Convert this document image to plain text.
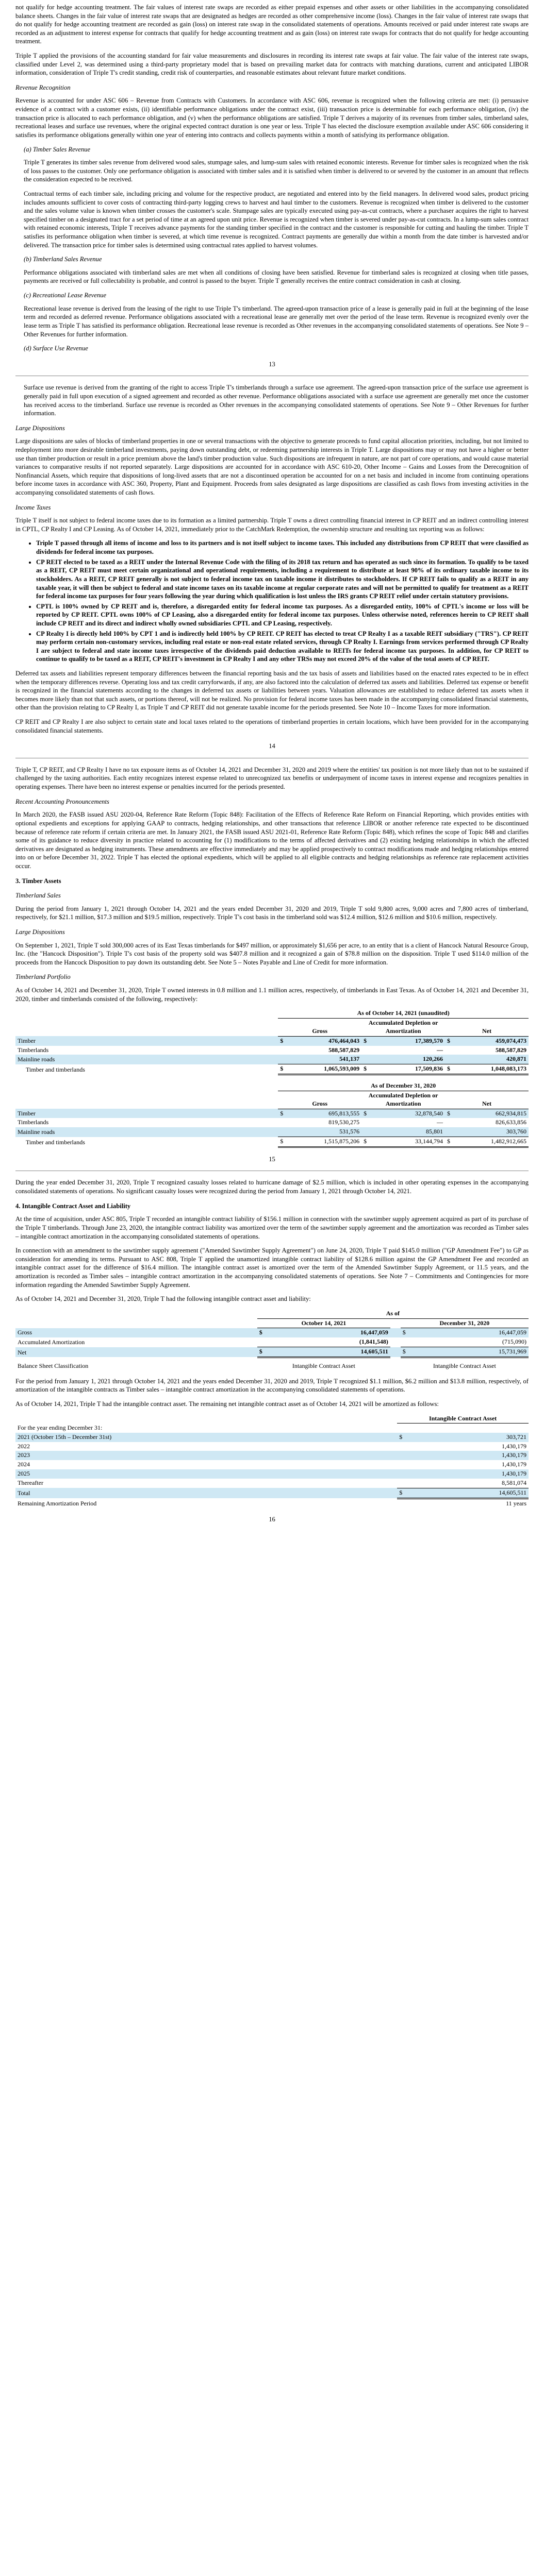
not qualify for hedge accounting treatment. The fair values of interest rate swaps are recorded as either prepaid expenses and other assets or other liabilities in the accompanying consolidated balance sheets. Changes in the fair value of interest rate swaps that are designated as hedges are recorded as other comprehensive income (loss). Changes in the fair value of interest rate swaps that do not qualify for hedge accounting treatment are recorded as gain (loss) on interest rate swap in the consolidated statements of operations. Amounts received or paid under interest rate swaps are recorded as an adjustment to interest expense for contracts that qualify for hedge accounting treatment and as gain (loss) on interest rate swaps for contracts that do not qualify for hedge accounting treatment.

Triple T applied the provisions of the accounting standard for fair value measurements and disclosures in recording its interest rate swaps at fair value. The fair value of the interest rate swaps, classified under Level 2, was determined using a third-party proprietary model that is based on prevailing market data for contracts with matching durations, current and anticipated LIBOR information, consideration of Triple T's credit standing, credit risk of counterparties, and reasonable estimates about relevant future market conditions.

Revenue Recognition

Revenue is accounted for under ASC 606 – Revenue from Contracts with Customers. In accordance with ASC 606, revenue is recognized when the following criteria are met: (i) persuasive evidence of a contract with a customer exists, (ii) identifiable performance obligations under the contract exist, (iii) transaction price is determinable for each performance obligation, (iv) the transaction price is allocated to each performance obligation, and (v) when the performance obligations are satisfied. Triple T derives a majority of its revenues from timber sales, timberland sales, recreational leases and surface use revenues, where the original expected contract duration is one year or less. Triple T has elected the disclosure exemption available under ASC 606 considering it satisfies its performance obligations generally within one year of entering into contracts and collects payments within a month of satisfying its performance obligation.

(a) Timber Sales Revenue

Triple T generates its timber sales revenue from delivered wood sales, stumpage sales, and lump-sum sales with retained economic interests. Revenue for timber sales is recognized when the risk of loss passes to the customer. Only one performance obligation is associated with timber sales and it is satisfied when timber is delivered to or severed by the customer in an amount that reflects the consideration expected to be received.

Contractual terms of each timber sale, including pricing and volume for the respective product, are negotiated and entered into by the field managers. In delivered wood sales, product pricing includes amounts sufficient to cover costs of contracting third-party logging crews to harvest and haul timber to the customers. Revenue is recognized when timber is delivered to the customer and the sales volume value is known when timber crosses the customer's scale. Stumpage sales are typically executed using pay-as-cut contracts, where a purchaser acquires the right to harvest specified timber on a designated tract for a set period of time at an agreed upon unit price. Revenue is recognized when timber is severed under pay-as-cut contracts. In a lump-sum sales contract with retained economic interests, Triple T receives advance payments for the standing timber specified in the contract and the customer is responsible for cutting and hauling the timber. Triple T satisfies its performance obligation when timber is severed, at which time revenue is recognized. Contract payments are generally due within a month from the date timber is harvested and/or delivered. The transaction price for timber sales is determined using contractual rates applied to harvest volumes.

(b) Timberland Sales Revenue

Performance obligations associated with timberland sales are met when all conditions of closing have been satisfied. Revenue for timberland sales is recognized at closing when title passes, payments are received or full collectability is probable, and control is passed to the buyer. Triple T generally receives the entire contract consideration in cash at closing.

(c) Recreational Lease Revenue

Recreational lease revenue is derived from the leasing of the right to use Triple T's timberland. The agreed-upon transaction price of a lease is generally paid in full at the beginning of the lease term and recorded as deferred revenue. Performance obligations associated with a recreational lease are generally met over the period of the lease term. Revenue is recognized evenly over the lease term as Triple T has satisfied its performance obligation. Recreational lease revenue is recorded as Other revenues in the accompanying consolidated statements of operations. See Note 9 – Other Revenues for further information.

(d) Surface Use Revenue
13

Surface use revenue is derived from the granting of the right to access Triple T's timberlands through a surface use agreement. The agreed-upon transaction price of the surface use agreement is generally paid in full upon execution of a signed agreement and recorded as other revenue. Performance obligations associated with a surface use agreement are generally met once the customer has received access to the timberland. Surface use revenue is recorded as Other revenues in the accompanying consolidated statements of operations. See Note 9 – Other Revenues for further information.

Large Dispositions

Large dispositions are sales of blocks of timberland properties in one or several transactions with the objective to generate proceeds to fund capital allocation priorities, including, but not limited to redeployment into more desirable timberland investments, paying down outstanding debt, or redeeming partnership interests in Triple T. Large dispositions may or may not have a higher or better use than timber production or result in a price premium above the land's timber production value. Such dispositions are infrequent in nature, are not part of core operations, and would cause material variances to comparative results if not reported separately. Large dispositions are accounted for in accordance with ASC 610-20, Other Income – Gains and Losses from the Derecognition of Nonfinancial Assets, which require that dispositions of long-lived assets that are not a discontinued operation be accounted for on a net basis and included in income from continuing operations before income taxes in accordance with ASC 360, Property, Plant and Equipment. Proceeds from sales designated as large dispositions are classified as cash flows from investing activities in the accompanying consolidated statements of cash flows.

Income Taxes

Triple T itself is not subject to federal income taxes due to its formation as a limited partnership. Triple T owns a direct controlling financial interest in CP REIT and an indirect controlling interest in CPTL, CP Realty I and CP Leasing. As of October 14, 2021, immediately prior to the CatchMark Redemption, the ownership structure and resulting tax reporting was as follows:

• Triple T passed through all items of income and loss to its partners and is not itself subject to income taxes. This included any distributions from CP REIT that were classified as dividends for federal income tax purposes.
• CP REIT elected to be taxed as a REIT under the Internal Revenue Code with the filing of its 2018 tax return and has operated as such since its formation. To qualify to be taxed as a REIT, CP REIT must meet certain organizational and operational requirements, including a requirement to distribute at least 90% of its ordinary taxable income to its stockholders. As a REIT, CP REIT generally is not subject to federal income tax on taxable income it distributes to stockholders. If CP REIT fails to qualify as a REIT in any taxable year, it will then be subject to federal and state income taxes on its taxable income at regular corporate rates and will not be permitted to qualify for treatment as a REIT for federal income tax purposes for four years following the year during which qualification is lost unless the IRS grants CP REIT relief under certain statutory provisions.
• CPTL is 100% owned by CP REIT and is, therefore, a disregarded entity for federal income tax purposes. As a disregarded entity, 100% of CPTL's income or loss will be reported by CP REIT. CPTL owns 100% of CP Leasing, also a disregarded entity for federal income tax purposes. Unless otherwise noted, references herein to CP REIT shall include CP REIT and its direct and indirect wholly owned subsidiaries CPTL and CP Leasing, respectively.
• CP Realty I is directly held 100% by CPT 1 and is indirectly held 100% by CP REIT. CP REIT has elected to treat CP Realty I as a taxable REIT subsidiary ("TRS"). CP REIT may perform certain non-customary services, including real estate or non-real estate related services, through CP Realty I. Earnings from services performed through CP Realty I are subject to federal and state income taxes irrespective of the dividends paid deduction available to REITs for federal income tax purposes. In addition, for CP REIT to continue to qualify to be taxed as a REIT, CP REIT's investment in CP Realty I and any other TRSs may not exceed 20% of the value of the total assets of CP REIT.

Deferred tax assets and liabilities represent temporary differences between the financial reporting basis and the tax basis of assets and liabilities based on the enacted rates expected to be in effect when the temporary differences reverse. Operating loss and tax credit carryforwards, if any, are also factored into the calculation of deferred tax assets and liabilities. Deferred tax expense or benefit is recognized in the financial statements according to the changes in deferred tax assets or liabilities between years. Valuation allowances are established to reduce deferred tax assets when it becomes more likely than not that such assets, or portions thereof, will not be realized. No provision for federal income taxes has been made in the accompanying consolidated financial statements, other than the provision relating to CP Realty I, as Triple T and CP REIT did not generate taxable income for the periods presented. See Note 10 – Income Taxes for more information.

CP REIT and CP Realty I are also subject to certain state and local taxes related to the operations of timberland properties in certain locations, which have been provided for in the accompanying consolidated financial statements.

14

Triple T, CP REIT, and CP Realty I have no tax exposure items as of October 14, 2021 and December 31, 2020 and 2019 where the entities' tax position is not more likely than not to be sustained if challenged by the taxing authorities. Each entity recognizes interest expense related to unrecognized tax benefits or underpayment of income taxes in interest expense and recognizes penalties in operating expenses. There have been no interest expense or penalties incurred for the periods presented.

Recent Accounting Pronouncements

In March 2020, the FASB issued ASU 2020-04, Reference Rate Reform (Topic 848): Facilitation of the Effects of Reference Rate Reform on Financial Reporting, which provides entities with optional expedients and exceptions for applying GAAP to contracts, hedging relationships, and other transactions that reference LIBOR or another reference rate expected to be discontinued because of reference rate reform if certain criteria are met. In January 2021, the FASB issued ASU 2021-01, Reference Rate Reform (Topic 848), which refines the scope of Topic 848 and clarifies some of its guidance to reduce diversity in practice related to accounting for (1) modifications to the terms of affected derivatives and (2) existing hedging relationships in which the affected derivatives are designated as hedging instruments. These amendments are effective immediately and may be applied prospectively to contract modifications made and hedging relationships entered into on or before December 31, 2022. Triple T has elected the optional expedients, which will be applied to all eligible contracts and hedging relationships as reference rate replacement activities occur.

3. Timber Assets
Timberland Sales

During the period from January 1, 2021 through October 14, 2021 and the years ended December 31, 2020 and 2019, Triple T sold 9,800 acres, 9,000 acres and 7,800 acres of timberland, respectively, for $21.1 million, $17.3 million and $19.5 million, respectively. Triple T's cost basis in the timberland sold was $12.4 million, $12.6 million and $10.6 million, respectively.

Large Dispositions

On September 1, 2021, Triple T sold 300,000 acres of its East Texas timberlands for $497 million, or approximately $1,656 per acre, to an entity that is a client of Hancock Natural Resource Group, Inc. (the "Hancock Disposition"). Triple T's cost basis of the property sold was $407.8 million and it recognized a gain of $78.8 million on the disposition. Triple T used $114.0 million of the proceeds from the Hancock Disposition to pay down its outstanding debt. See Note 5 – Notes Payable and Line of Credit for more information.

Timberland Portfolio

As of October 14, 2021 and December 31, 2020, Triple T owned interests in 0.8 million and 1.1 million acres, respectively, of timberlands in East Texas. As of October 14, 2021 and December 31, 2020, timber and timberlands consisted of the following, respectively:

	As of October 14, 2021 (unaudited)					
	Gross		Accumulated Depletion or Amortization		Net	
Timber	$	476,464,043	$	17,389,570	$	459,074,473
Timberlands		588,587,829		—		588,587,829
Mainline roads		541,137		120,266		420,871
Timber and timberlands	$	1,065,593,009	$	17,509,836	$	1,048,083,173
	As of December 31, 2020					
	Gross		Accumulated Depletion or Amortization		Net	
Timber	$	695,813,555	$	32,878,540	$	662,934,815
Timberlands		819,530,275		—		826,633,856
Mainline roads		531,576		85,801		303,760
Timber and timberlands	$	1,515,875,206	$	33,144,794	$	1,482,912,665
15

During the year ended December 31, 2020, Triple T recognized casualty losses related to hurricane damage of $2.5 million, which is included in other operating expenses in the accompanying consolidated statements of operations. No significant casualty losses were recognized during the period from January 1, 2021 through October 14, 2021.

4. Intangible Contract Asset and Liability

At the time of acquisition, under ASC 805, Triple T recorded an intangible contract liability of $156.1 million in connection with the sawtimber supply agreement acquired as part of its purchase of the Triple T timberlands. Through June 23, 2020, the intangible contract liability was amortized over the term of the sawtimber supply agreement and the amortization was recorded as Timber sales – intangible contract amortization in the accompanying consolidated statements of operations.

In connection with an amendment to the sawtimber supply agreement ("Amended Sawtimber Supply Agreement") on June 24, 2020, Triple T paid $145.0 million ("GP Amendment Fee") to GP as consideration for amending its terms. Pursuant to ASC 808, Triple T applied the unamortized intangible contract liability of $128.6 million against the GP Amendment Fee and recorded an intangible contract asset for the difference of $16.4 million. The intangible contract asset is amortized over the term of the Amended Sawtimber Supply Agreement, or 11.5 years, and the amortization is recorded as Timber sales – intangible contract amortization in the accompanying consolidated statements of operations. See Note 7 – Commitments and Contingencies for more information regarding the Amended Sawtimber Supply Agreement.

As of October 14, 2021 and December 31, 2020, Triple T had the following intangible contract asset and liability:

	As of				
	October 14, 2021			December 31, 2020	
Gross	$	16,447,059		$	16,447,059
Accumulated Amortization		(1,841,548)			(715,090)
Net	$	14,605,511		$	15,731,969
Balance Sheet Classification	Intangible Contract Asset			Intangible Contract Asset	

For the period from January 1, 2021 through October 14, 2021 and the years ended December 31, 2020 and 2019, Triple T recognized $1.1 million, $6.2 million and $13.8 million, respectively, of amortization of the intangible contracts as Timber sales – intangible contract amortization in the accompanying consolidated statements of operations.

As of October 14, 2021, Triple T had the intangible contract asset. The remaining net intangible contract asset as of October 14, 2021 will be amortized as follows:

	Intangible Contract Asset	
For the year ending December 31:		
2021 (October 15th – December 31st)	$	303,721
2022		1,430,179
2023		1,430,179
2024		1,430,179
2025		1,430,179
Thereafter		8,581,074
Total	$	14,605,511
Remaining Amortization Period		11 years
16
